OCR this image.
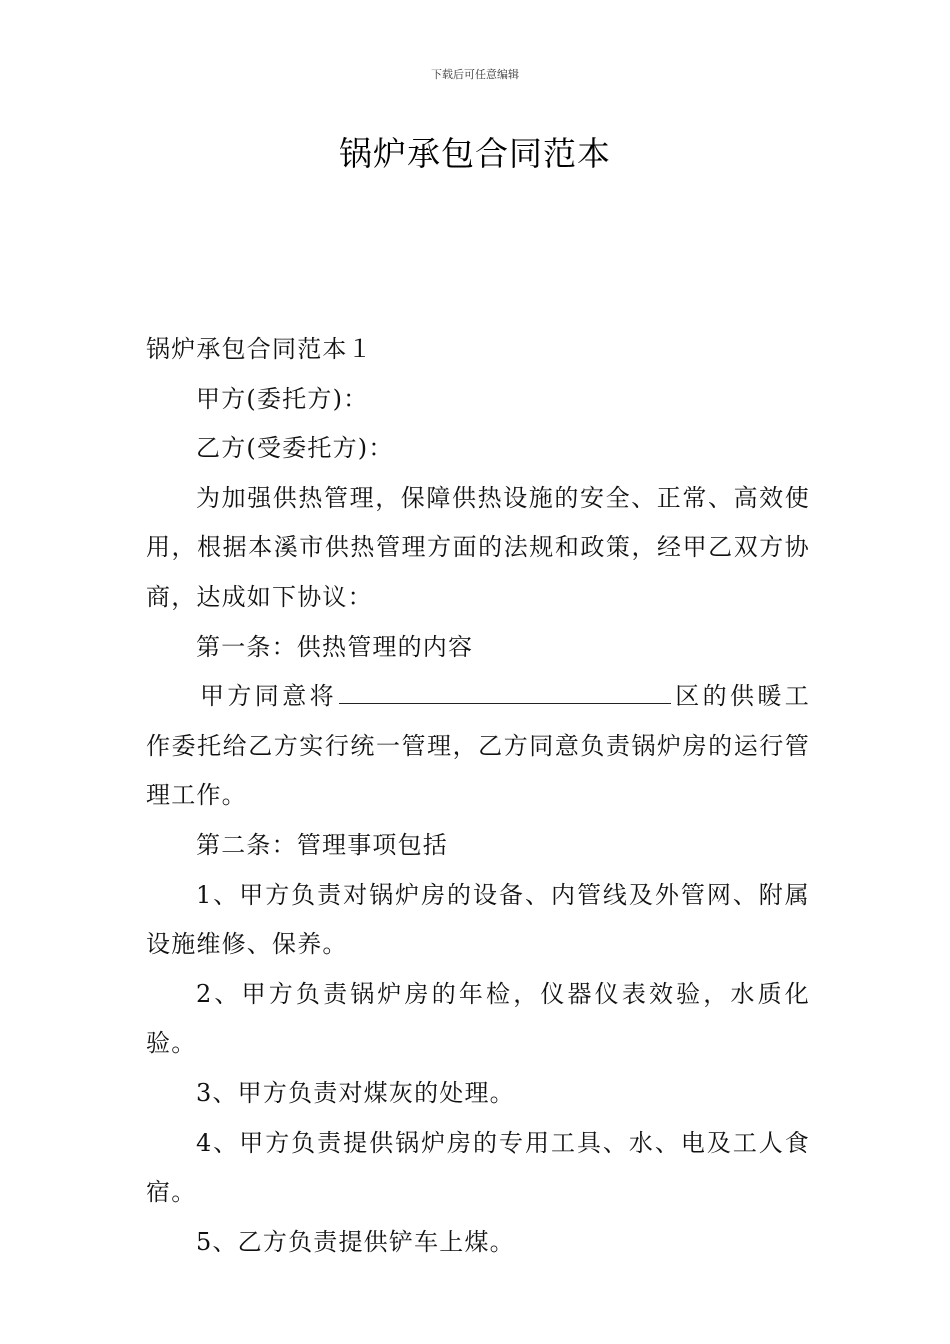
下载后可任意编辑
锅炉承包合同范本

锅炉承包合同范本１

甲方(委托方)：

乙方(受委托方)：

为加强供热管理，保障供热设施的安全、正常、高效使用，根据本溪市供热管理方面的法规和政策，经甲乙双方协商，达成如下协议：

第一条：供热管理的内容

甲方同意将	区的供暖工作委托给乙方实行统一管理，乙方同意负责锅炉房的运行管理工作。

第二条：管理事项包括

1、甲方负责对锅炉房的设备、内管线及外管网、附属设施维修、保养。

2、甲方负责锅炉房的年检，仪器仪表效验，水质化验。

3、甲方负责对煤灰的处理。

4、甲方负责提供锅炉房的专用工具、水、电及工人食宿。

5、乙方负责提供铲车上煤。
